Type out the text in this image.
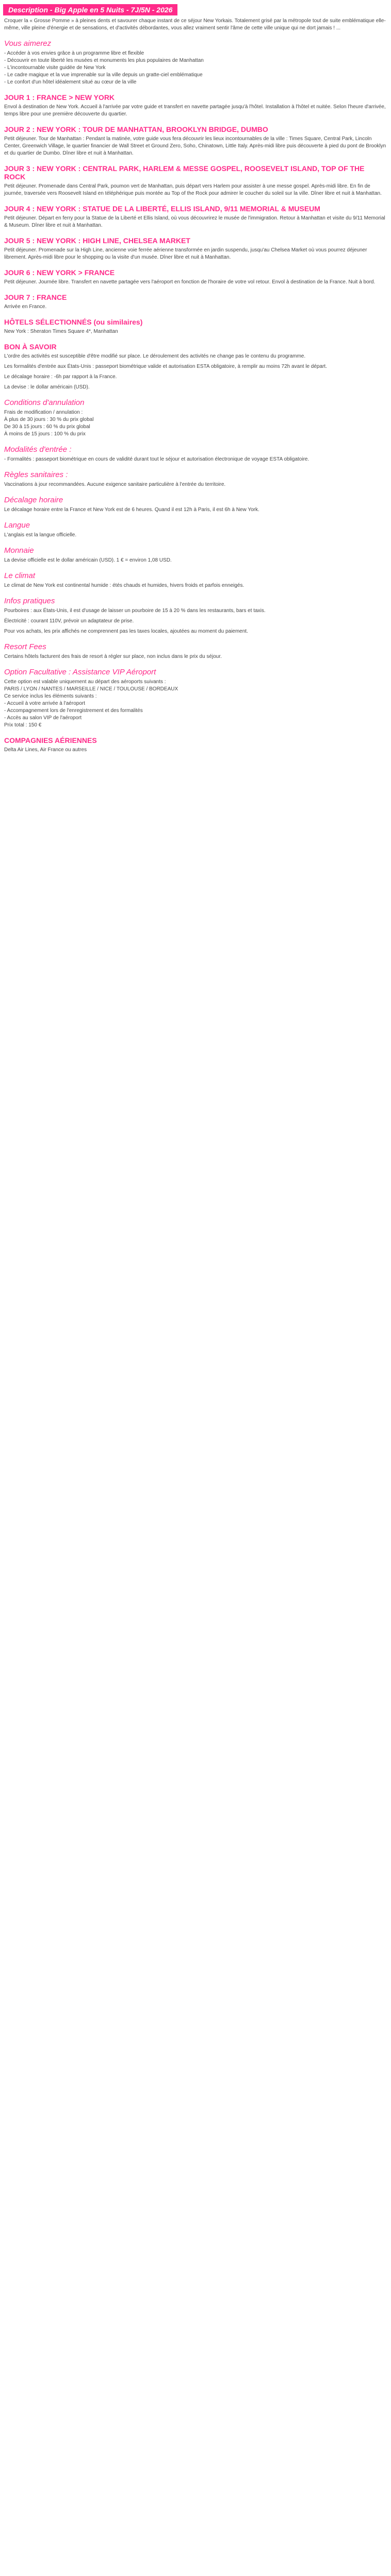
Description - Big Apple en 5 Nuits - 7J/5N - 2026

Croquer la « Grosse Pomme » à pleines dents et savourer chaque instant de ce séjour New Yorkais. Totalement grisé par la métropole tout de suite emblématique elle-même, ville pleine d'énergie et de sensations, et d'activités débordantes, vous allez vraiment sentir l'âme de cette ville unique qui ne dort jamais ! ...

Vous aimerez
- Accéder à vos envies grâce à un programme libre et flexible
- Découvrir en toute liberté les musées et monuments les plus populaires de Manhattan
- L'incontournable visite guidée de New York
- Le cadre magique et la vue imprenable sur la ville depuis un gratte-ciel emblématique
- Le confort d'un hôtel idéalement situé au cœur de la ville
JOUR 1 : FRANCE > NEW YORK

Envol à destination de New York. Accueil à l'arrivée par votre guide et transfert en navette partagée jusqu'à l'hôtel. Installation à l'hôtel et nuitée. Selon l'heure d'arrivée, temps libre pour une première découverte du quartier.

JOUR 2 : NEW YORK : TOUR DE MANHATTAN, BROOKLYN BRIDGE, DUMBO

Petit déjeuner. Tour de Manhattan : Pendant la matinée, votre guide vous fera découvrir les lieux incontournables de la ville : Times Square, Central Park, Lincoln Center, Greenwich Village, le quartier financier de Wall Street et Ground Zero, Soho, Chinatown, Little Italy. Après-midi libre puis découverte à pied du pont de Brooklyn et du quartier de Dumbo. Dîner libre et nuit à Manhattan.

JOUR 3 : NEW YORK : CENTRAL PARK, HARLEM & MESSE GOSPEL, ROOSEVELT ISLAND, TOP OF THE ROCK

Petit déjeuner. Promenade dans Central Park, poumon vert de Manhattan, puis départ vers Harlem pour assister à une messe gospel. Après-midi libre. En fin de journée, traversée vers Roosevelt Island en téléphérique puis montée au Top of the Rock pour admirer le coucher du soleil sur la ville. Dîner libre et nuit à Manhattan.

JOUR 4 : NEW YORK : STATUE DE LA LIBERTÉ, ELLIS ISLAND, 9/11 MEMORIAL & MUSEUM

Petit déjeuner. Départ en ferry pour la Statue de la Liberté et Ellis Island, où vous découvrirez le musée de l'immigration. Retour à Manhattan et visite du 9/11 Memorial & Museum. Dîner libre et nuit à Manhattan.

JOUR 5 : NEW YORK : HIGH LINE, CHELSEA MARKET

Petit déjeuner. Promenade sur la High Line, ancienne voie ferrée aérienne transformée en jardin suspendu, jusqu'au Chelsea Market où vous pourrez déjeuner librement. Après-midi libre pour le shopping ou la visite d'un musée. Dîner libre et nuit à Manhattan.

JOUR 6 : NEW YORK > FRANCE

Petit déjeuner. Journée libre. Transfert en navette partagée vers l'aéroport en fonction de l'horaire de votre vol retour. Envol à destination de la France. Nuit à bord.

JOUR 7 : FRANCE

Arrivée en France.

HÔTELS SÉLECTIONNÉS (ou similaires)

New York : Sheraton Times Square 4*, Manhattan

BON À SAVOIR

L'ordre des activités est susceptible d'être modifié sur place. Le déroulement des activités ne change pas le contenu du programme.

Les formalités d'entrée aux États-Unis : passeport biométrique valide et autorisation ESTA obligatoire, à remplir au moins 72h avant le départ.

Le décalage horaire : -6h par rapport à la France.

La devise : le dollar américain (USD).

Conditions d'annulation
Frais de modification / annulation :
À plus de 30 jours : 30 % du prix global
De 30 à 15 jours : 60 % du prix global
À moins de 15 jours : 100 % du prix
Modalités d'entrée :

- Formalités : passeport biométrique en cours de validité durant tout le séjour et autorisation électronique de voyage ESTA obligatoire.

Règles sanitaires :

Vaccinations à jour recommandées. Aucune exigence sanitaire particulière à l'entrée du territoire.

Décalage horaire

Le décalage horaire entre la France et New York est de 6 heures. Quand il est 12h à Paris, il est 6h à New York.

Langue

L'anglais est la langue officielle.

Monnaie

La devise officielle est le dollar américain (USD). 1 € = environ 1,08 USD.

Le climat

Le climat de New York est continental humide : étés chauds et humides, hivers froids et parfois enneigés.

Infos pratiques

Pourboires : aux États-Unis, il est d'usage de laisser un pourboire de 15 à 20 % dans les restaurants, bars et taxis.

Électricité : courant 110V, prévoir un adaptateur de prise.

Pour vos achats, les prix affichés ne comprennent pas les taxes locales, ajoutées au moment du paiement.

Resort Fees

Certains hôtels facturent des frais de resort à régler sur place, non inclus dans le prix du séjour.

Option Facultative : Assistance VIP Aéroport
Cette option est valable uniquement au départ des aéroports suivants :
PARIS / LYON / NANTES / MARSEILLE / NICE / TOULOUSE / BORDEAUX
Ce service inclus les éléments suivants :
- Accueil à votre arrivée à l'aéroport
- Accompagnement lors de l'enregistrement et des formalités
- Accès au salon VIP de l'aéroport
Prix total : 150 €
COMPAGNIES AÉRIENNES

Delta Air Lines, Air France ou autres
